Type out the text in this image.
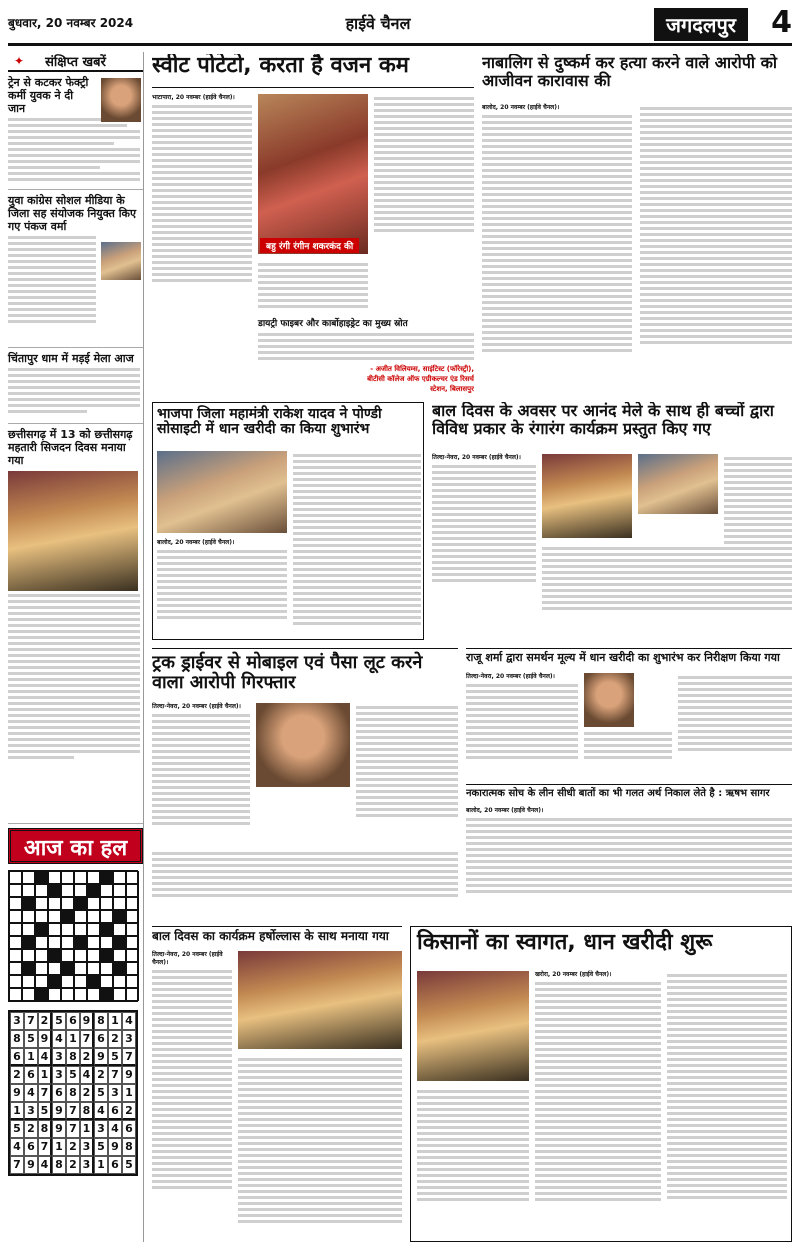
बुधवार, 20 नवम्बर 2024	हाईवे चैनल	जगदलपुर	4
✦ संक्षिप्त खबरें
ट्रेन से कटकर फेक्ट्री कर्मी युवक ने दी जान
युवा कांग्रेस सोशल मीडिया के जिला सह संयोजक नियुक्त किए गए पंकज वर्मा
चिंतापुर धाम में मड़ई मेला आज
छत्तीसगढ़ में 13 को छत्तीसगढ़ महतारी सिजदन दिवस मनाया गया
आज का हल
3 7 2 5 6 9 8 1 4
8 5 9 4 1 7 6 2 3
6 1 4 3 8 2 9 5 7
2 6 1 3 5 4 2 7 9
9 4 7 6 8 2 5 3 1
1 3 5 9 7 8 4 6 2
5 2 8 9 7 1 3 4 6
4 6 7 1 2 3 5 9 8
7 9 4 8 2 3 1 6 5
स्वीट पोटेटो, करता है वजन कम
भाटापारा, 20 नवम्बर (हाईवे चैनल)।
बहु रंगी रंगीन शकरकंद की
डायट्री फाइबर और कार्बोहाइड्रेट का मुख्य स्रोत
- अजीत विलियम्स, साइंटिस्ट (फॉरेस्ट्री), बीटीसी कॉलेज ऑफ एग्रीकल्चर एंड रिसर्च स्टेशन, बिलासपुर
नाबालिग से दुष्कर्म कर हत्या करने वाले आरोपी को आजीवन कारावास की
बालोद, 20 नवम्बर (हाईवे चैनल)।
भाजपा जिला महामंत्री राकेश यादव ने पोण्डी सोसाइटी में धान खरीदी का किया शुभारंभ
बालोद, 20 नवम्बर (हाईवे चैनल)।
बाल दिवस के अवसर पर आनंद मेले के साथ ही बच्चों द्वारा विविध प्रकार के रंगारंग कार्यक्रम प्रस्तुत किए गए
तिल्दा-नेवरा, 20 नवम्बर (हाईवे चैनल)।
ट्रक ड्राईवर से मोबाइल एवं पैसा लूट करने वाला आरोपी गिरफ्तार
तिल्दा-नेवरा, 20 नवम्बर (हाईवे चैनल)।
राजू शर्मा द्वारा समर्थन मूल्य में धान खरीदी का शुभारंभ कर निरीक्षण किया गया
तिल्दा-नेवरा, 20 नवम्बर (हाईवे चैनल)।
नकारात्मक सोच के लीन सीधी बातों का भी गलत अर्थ निकाल लेते है : ऋषभ सागर
बालोद, 20 नवम्बर (हाईवे चैनल)।
बाल दिवस का कार्यक्रम हर्षोल्लास के साथ मनाया गया
तिल्दा-नेवरा, 20 नवम्बर (हाईवे चैनल)।
किसानों का स्वागत, धान खरीदी शुरू
खरोरा, 20 नवम्बर (हाईवे चैनल)।
